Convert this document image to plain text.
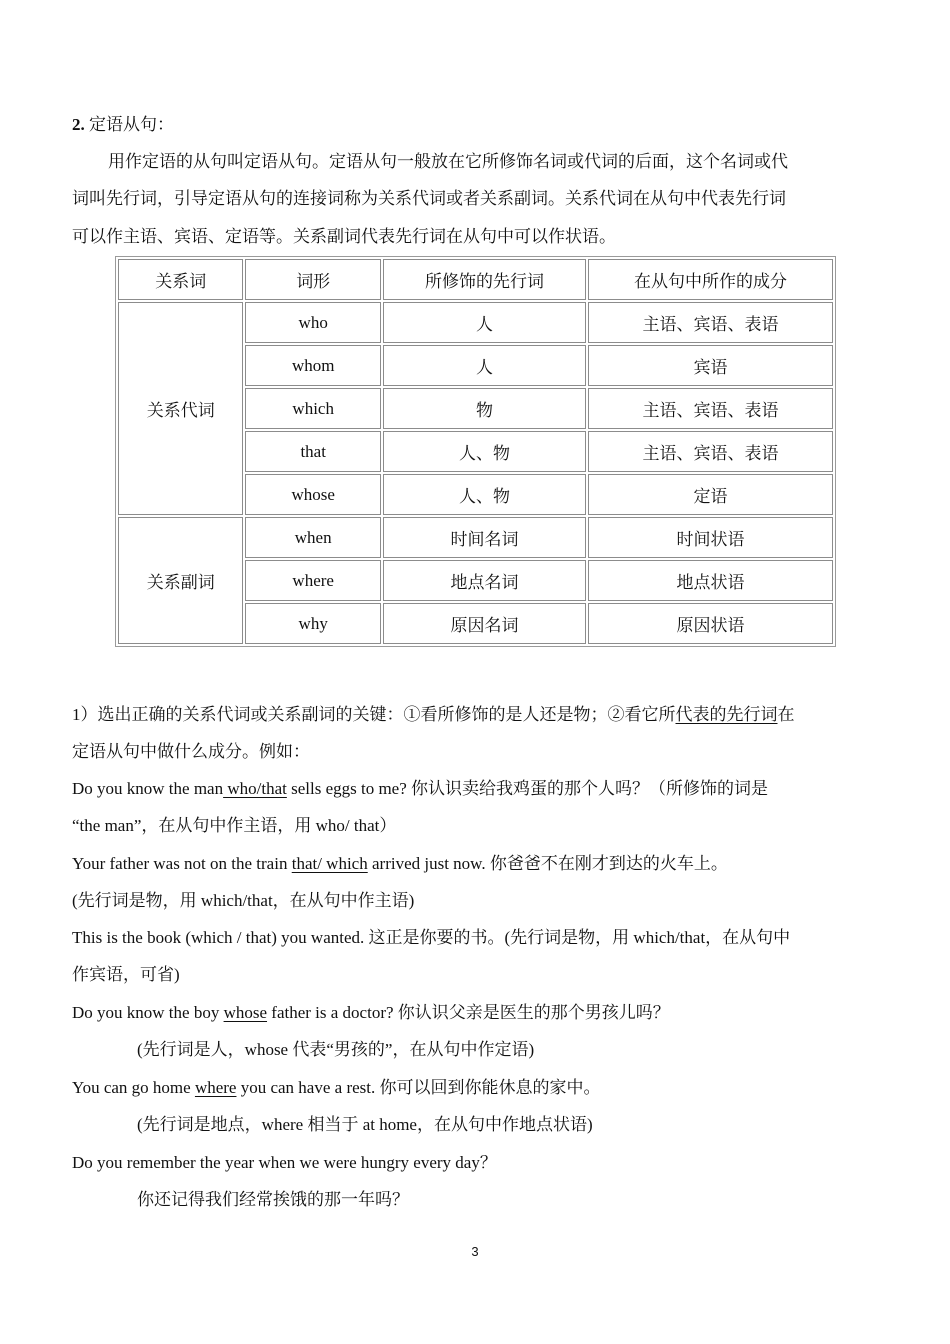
2. 定语从句：
用作定语的从句叫定语从句。定语从句一般放在它所修饰名词或代词的后面，这个名词或代
词叫先行词，引导定语从句的连接词称为关系代词或者关系副词。关系代词在从句中代表先行词
可以作主语、宾语、定语等。关系副词代表先行词在从句中可以作状语。
关系词	词形	所修饰的先行词	在从句中所作的成分
关系代词	who	人	主语、宾语、表语
	whom	人	宾语
	which	物	主语、宾语、表语
	that	人、物	主语、宾语、表语
	whose	人、物	定语
关系副词	when	时间名词	时间状语
	where	地点名词	地点状语
	why	原因名词	原因状语
1）选出正确的关系代词或关系副词的关键：①看所修饰的是人还是物；②看它所代表的先行词在
定语从句中做什么成分。例如：
Do you know the man who/that sells eggs to me? 你认识卖给我鸡蛋的那个人吗？（所修饰的词是
“the man”，在从句中作主语，用 who/ that）
Your father was not on the train that/ which arrived just now. 你爸爸不在刚才到达的火车上。
(先行词是物，用 which/that，在从句中作主语)
This is the book (which / that) you wanted. 这正是你要的书。(先行词是物，用 which/that，在从句中
作宾语，可省)
Do you know the boy whose father is a doctor? 你认识父亲是医生的那个男孩儿吗？
(先行词是人，whose 代表“男孩的”，在从句中作定语)
You can go home where you can have a rest. 你可以回到你能休息的家中。
(先行词是地点，where 相当于 at home，在从句中作地点状语)
Do you remember the year when we were hungry every day？
你还记得我们经常挨饿的那一年吗？
3
